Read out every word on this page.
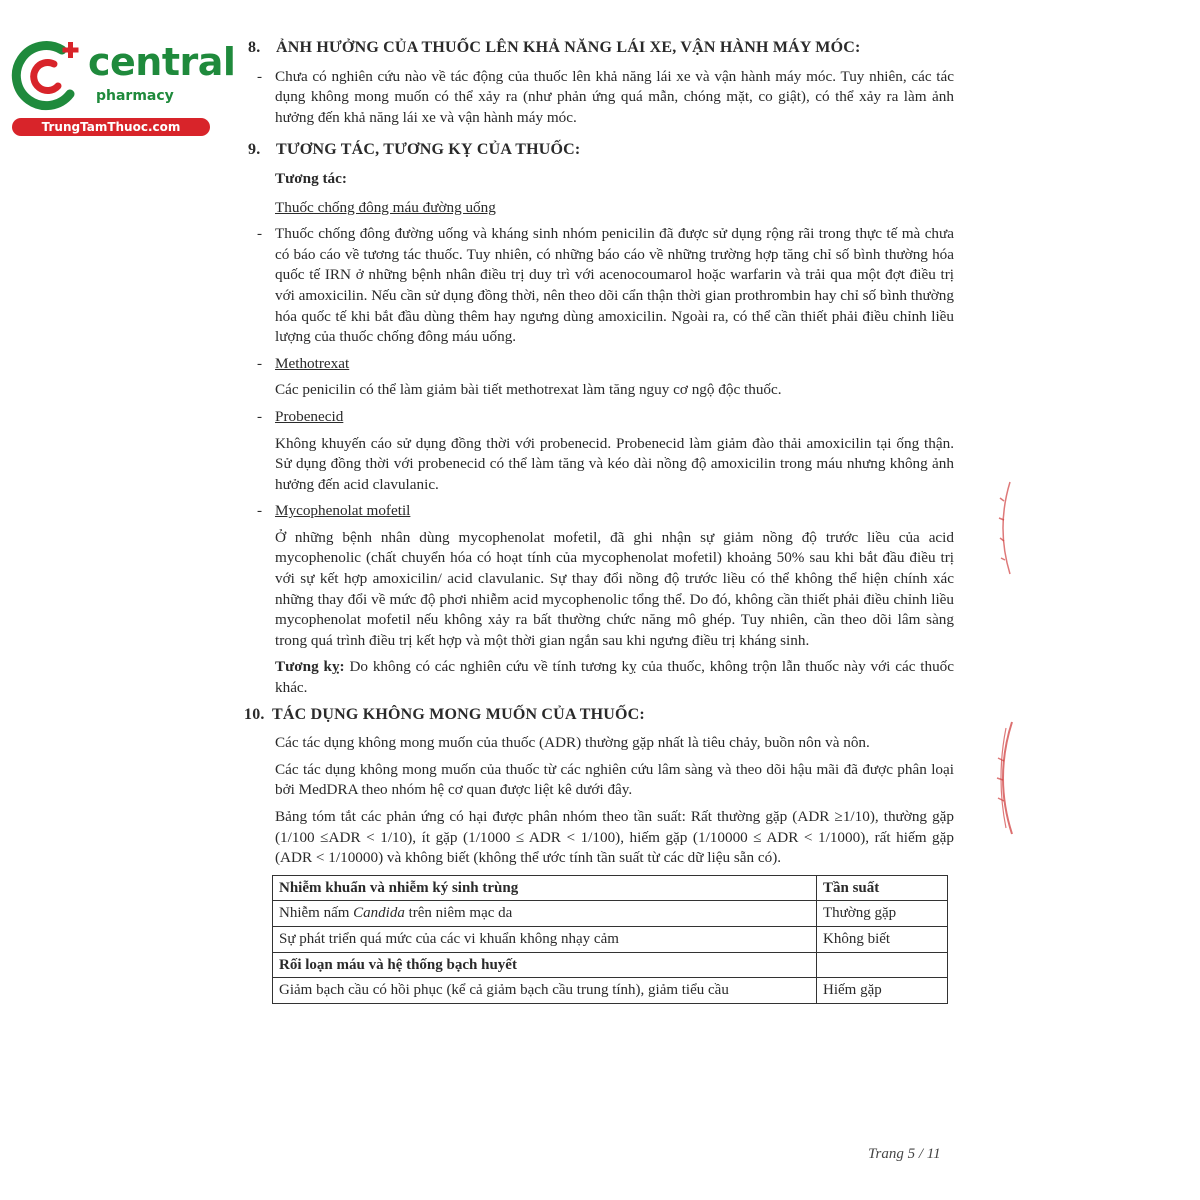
central
pharmacy
TrungTamThuoc.com
8. ẢNH HƯỞNG CỦA THUỐC LÊN KHẢ NĂNG LÁI XE, VẬN HÀNH MÁY MÓC:
- Chưa có nghiên cứu nào về tác động của thuốc lên khả năng lái xe và vận hành máy móc. Tuy nhiên, các tác dụng không mong muốn có thể xảy ra (như phản ứng quá mẫn, chóng mặt, co giật), có thể xảy ra làm ảnh hưởng đến khả năng lái xe và vận hành máy móc.
9. TƯƠNG TÁC, TƯƠNG KỴ CỦA THUỐC:
Tương tác:
Thuốc chống đông máu đường uống
- Thuốc chống đông đường uống và kháng sinh nhóm penicilin đã được sử dụng rộng rãi trong thực tế mà chưa có báo cáo về tương tác thuốc. Tuy nhiên, có những báo cáo về những trường hợp tăng chỉ số bình thường hóa quốc tế IRN ở những bệnh nhân điều trị duy trì với acenocoumarol hoặc warfarin và trải qua một đợt điều trị với amoxicilin. Nếu cần sử dụng đồng thời, nên theo dõi cẩn thận thời gian prothrombin hay chỉ số bình thường hóa quốc tế khi bắt đầu dùng thêm hay ngưng dùng amoxicilin. Ngoài ra, có thể cần thiết phải điều chỉnh liều lượng của thuốc chống đông máu uống.
- Methotrexat
Các penicilin có thể làm giảm bài tiết methotrexat làm tăng nguy cơ ngộ độc thuốc.
- Probenecid
Không khuyến cáo sử dụng đồng thời với probenecid. Probenecid làm giảm đào thải amoxicilin tại ống thận. Sử dụng đồng thời với probenecid có thể làm tăng và kéo dài nồng độ amoxicilin trong máu nhưng không ảnh hưởng đến acid clavulanic.
- Mycophenolat mofetil
Ở những bệnh nhân dùng mycophenolat mofetil, đã ghi nhận sự giảm nồng độ trước liều của acid mycophenolic (chất chuyển hóa có hoạt tính của mycophenolat mofetil) khoảng 50% sau khi bắt đầu điều trị với sự kết hợp amoxicilin/ acid clavulanic. Sự thay đổi nồng độ trước liều có thể không thể hiện chính xác những thay đổi về mức độ phơi nhiễm acid mycophenolic tổng thể. Do đó, không cần thiết phải điều chỉnh liều mycophenolat mofetil nếu không xảy ra bất thường chức năng mô ghép. Tuy nhiên, cần theo dõi lâm sàng trong quá trình điều trị kết hợp và một thời gian ngắn sau khi ngưng điều trị kháng sinh.
Tương kỵ: Do không có các nghiên cứu về tính tương kỵ của thuốc, không trộn lẫn thuốc này với các thuốc khác.
10. TÁC DỤNG KHÔNG MONG MUỐN CỦA THUỐC:
Các tác dụng không mong muốn của thuốc (ADR) thường gặp nhất là tiêu chảy, buồn nôn và nôn.
Các tác dụng không mong muốn của thuốc từ các nghiên cứu lâm sàng và theo dõi hậu mãi đã được phân loại bởi MedDRA theo nhóm hệ cơ quan được liệt kê dưới đây.
Bảng tóm tắt các phản ứng có hại được phân nhóm theo tần suất: Rất thường gặp (ADR ≥1/10), thường gặp (1/100 ≤ADR < 1/10), ít gặp (1/1000 ≤ ADR < 1/100), hiếm gặp (1/10000 ≤ ADR < 1/1000), rất hiếm gặp (ADR < 1/10000) và không biết (không thể ước tính tần suất từ các dữ liệu sẵn có).
Nhiễm khuẩn và nhiễm ký sinh trùng	Tần suất
Nhiễm nấm Candida trên niêm mạc da	Thường gặp
Sự phát triển quá mức của các vi khuẩn không nhạy cảm	Không biết
Rối loạn máu và hệ thống bạch huyết	
Giảm bạch cầu có hồi phục (kể cả giảm bạch cầu trung tính), giảm tiểu cầu	Hiếm gặp
Trang 5 / 11
